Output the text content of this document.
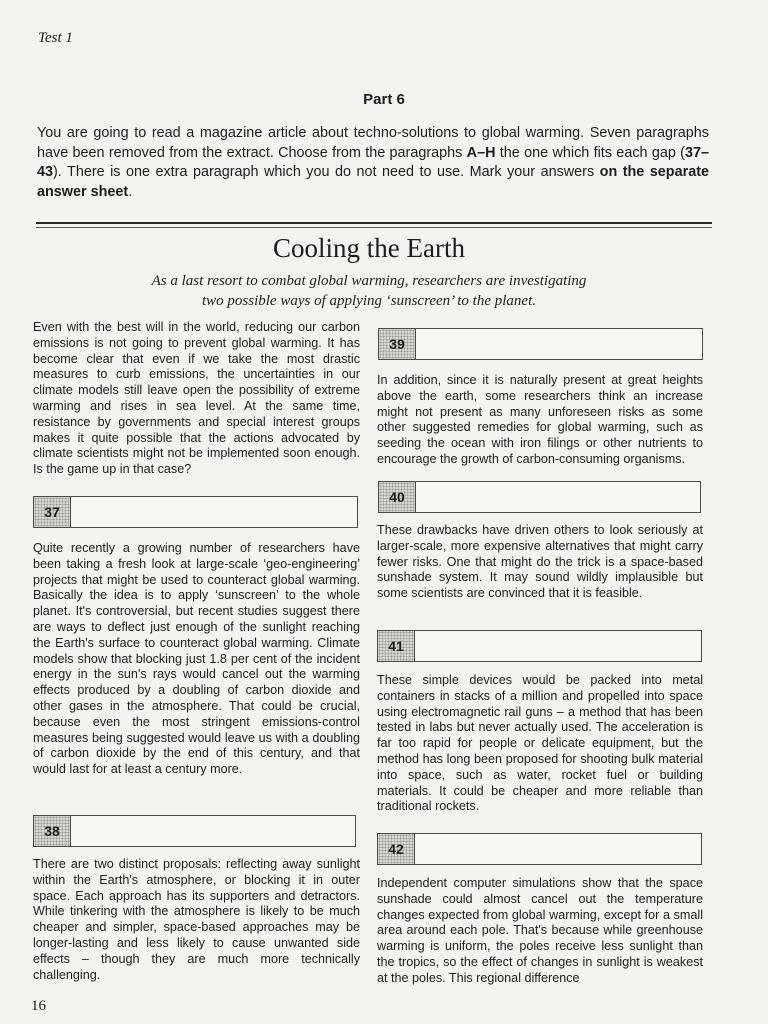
Test 1
Part 6
You are going to read a magazine article about techno-solutions to global warming. Seven paragraphs have been removed from the extract. Choose from the paragraphs A–H the one which fits each gap (37–43). There is one extra paragraph which you do not need to use. Mark your answers on the separate answer sheet.
Cooling the Earth
As a last resort to combat global warming, researchers are investigating
two possible ways of applying ‘sunscreen’ to the planet.

Even with the best will in the world, reducing our carbon emissions is not going to prevent global warming. It has become clear that even if we take the most drastic measures to curb emissions, the uncertainties in our climate models still leave open the possibility of extreme warming and rises in sea level. At the same time, resistance by governments and special interest groups makes it quite possible that the actions advocated by climate scientists might not be implemented soon enough. Is the game up in that case?

37

Quite recently a growing number of researchers have been taking a fresh look at large-scale ‘geo-engineering’ projects that might be used to counteract global warming. Basically the idea is to apply ‘sunscreen’ to the whole planet. It's controversial, but recent studies suggest there are ways to deflect just enough of the sunlight reaching the Earth's surface to counteract global warming. Climate models show that blocking just 1.8 per cent of the incident energy in the sun's rays would cancel out the warming effects produced by a doubling of carbon dioxide and other gases in the atmosphere. That could be crucial, because even the most stringent emissions-control measures being suggested would leave us with a doubling of carbon dioxide by the end of this century, and that would last for at least a century more.

38

There are two distinct proposals: reflecting away sunlight within the Earth's atmosphere, or blocking it in outer space. Each approach has its supporters and detractors. While tinkering with the atmosphere is likely to be much cheaper and simpler, space-based approaches may be longer-lasting and less likely to cause unwanted side effects – though they are much more technically challenging.

39

In addition, since it is naturally present at great heights above the earth, some researchers think an increase might not present as many unforeseen risks as some other suggested remedies for global warming, such as seeding the ocean with iron filings or other nutrients to encourage the growth of carbon-consuming organisms.

40

These drawbacks have driven others to look seriously at larger-scale, more expensive alternatives that might carry fewer risks. One that might do the trick is a space-based sunshade system. It may sound wildly implausible but some scientists are convinced that it is feasible.

41

These simple devices would be packed into metal containers in stacks of a million and propelled into space using electromagnetic rail guns – a method that has been tested in labs but never actually used. The acceleration is far too rapid for people or delicate equipment, but the method has long been proposed for shooting bulk material into space, such as water, rocket fuel or building materials. It could be cheaper and more reliable than traditional rockets.

42

Independent computer simulations show that the space sunshade could almost cancel out the temperature changes expected from global warming, except for a small area around each pole. That's because while greenhouse warming is uniform, the poles receive less sunlight than the tropics, so the effect of changes in sunlight is weakest at the poles. This regional difference

16
